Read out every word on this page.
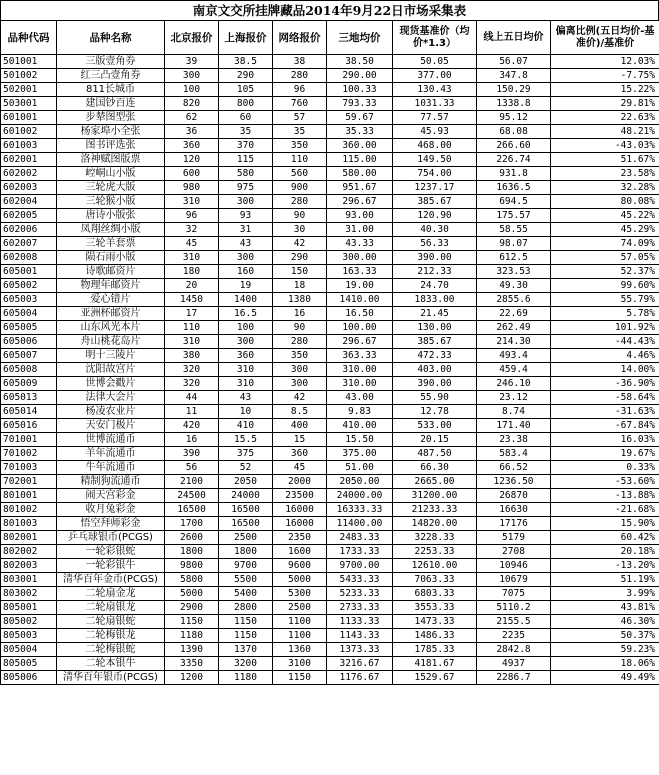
南京文交所挂牌藏品2014年9月22日市场采集表
品种代码	品种名称	北京报价	上海报价	网络报价	三地均价	现货基准价（均价*1.3）	线上五日均价	偏离比例(五日均价-基准价)/基准价
501001	三版壹角券	39	38.5	38	38.50	50.05	56.07	12.03%
501002	红三凸壹角券	300	290	280	290.00	377.00	347.8	-7.75%
502001	811长城币	100	105	96	100.33	130.43	150.29	15.22%
503001	建国钞百连	820	800	760	793.33	1031.33	1338.8	29.81%
601001	步辇图型张	62	60	57	59.67	77.57	95.12	22.63%
601002	杨家埠小全张	36	35	35	35.33	45.93	68.08	48.21%
601003	图书评选张	360	370	350	360.00	468.00	266.60	-43.03%
602001	洛神赋图版票	120	115	110	115.00	149.50	226.74	51.67%
602002	崆峒山小版	600	580	560	580.00	754.00	931.8	23.58%
602003	三轮虎大版	980	975	900	951.67	1237.17	1636.5	32.28%
602004	三轮猴小版	310	300	280	296.67	385.67	694.5	80.08%
602005	唐诗小版张	96	93	90	93.00	120.90	175.57	45.22%
602006	凤翔丝绸小版	32	31	30	31.00	40.30	58.55	45.29%
602007	三轮羊套票	45	43	42	43.33	56.33	98.07	74.09%
602008	陨石雨小版	310	300	290	300.00	390.00	612.5	57.05%
605001	诗歌邮资片	180	160	150	163.33	212.33	323.53	52.37%
605002	物理年邮资片	20	19	18	19.00	24.70	49.30	99.60%
605003	爱心错片	1450	1400	1380	1410.00	1833.00	2855.6	55.79%
605004	亚洲杯邮资片	17	16.5	16	16.50	21.45	22.69	5.78%
605005	山东风光本片	110	100	90	100.00	130.00	262.49	101.92%
605006	舟山桃花岛片	310	300	280	296.67	385.67	214.30	-44.43%
605007	明十三陵片	380	360	350	363.33	472.33	493.4	4.46%
605008	沈阳故宫片	320	310	300	310.00	403.00	459.4	14.00%
605009	世博会戳片	320	310	300	310.00	390.00	246.10	-36.90%
605013	法律大会片	44	43	42	43.00	55.90	23.12	-58.64%
605014	杨凌农业片	11	10	8.5	9.83	12.78	8.74	-31.63%
605016	天安门极片	420	410	400	410.00	533.00	171.40	-67.84%
701001	世博流通币	16	15.5	15	15.50	20.15	23.38	16.03%
701002	羊年流通币	390	375	360	375.00	487.50	583.4	19.67%
701003	牛年流通币	56	52	45	51.00	66.30	66.52	0.33%
702001	精制狗流通币	2100	2050	2000	2050.00	2665.00	1236.50	-53.60%
801001	闹天宫彩金	24500	24000	23500	24000.00	31200.00	26870	-13.88%
801002	收月兔彩金	16500	16500	16000	16333.33	21233.33	16630	-21.68%
801003	悟空拜师彩金	1700	16500	16000	11400.00	14820.00	17176	15.90%
802001	乒乓球银币(PCGS)	2600	2500	2350	2483.33	3228.33	5179	60.42%
802002	一轮彩银蛇	1800	1800	1600	1733.33	2253.33	2708	20.18%
802003	一轮彩银牛	9800	9700	9600	9700.00	12610.00	10946	-13.20%
803001	清华百年金币(PCGS)	5800	5500	5000	5433.33	7063.33	10679	51.19%
803002	二轮扇金龙	5000	5400	5300	5233.33	6803.33	7075	3.99%
805001	二轮扇银龙	2900	2800	2500	2733.33	3553.33	5110.2	43.81%
805002	二轮扇银蛇	1150	1150	1100	1133.33	1473.33	2155.5	46.30%
805003	二轮梅银龙	1180	1150	1100	1143.33	1486.33	2235	50.37%
805004	二轮梅银蛇	1390	1370	1360	1373.33	1785.33	2842.8	59.23%
805005	二轮本银牛	3350	3200	3100	3216.67	4181.67	4937	18.06%
805006	清华百年银币(PCGS)	1200	1180	1150	1176.67	1529.67	2286.7	49.49%
